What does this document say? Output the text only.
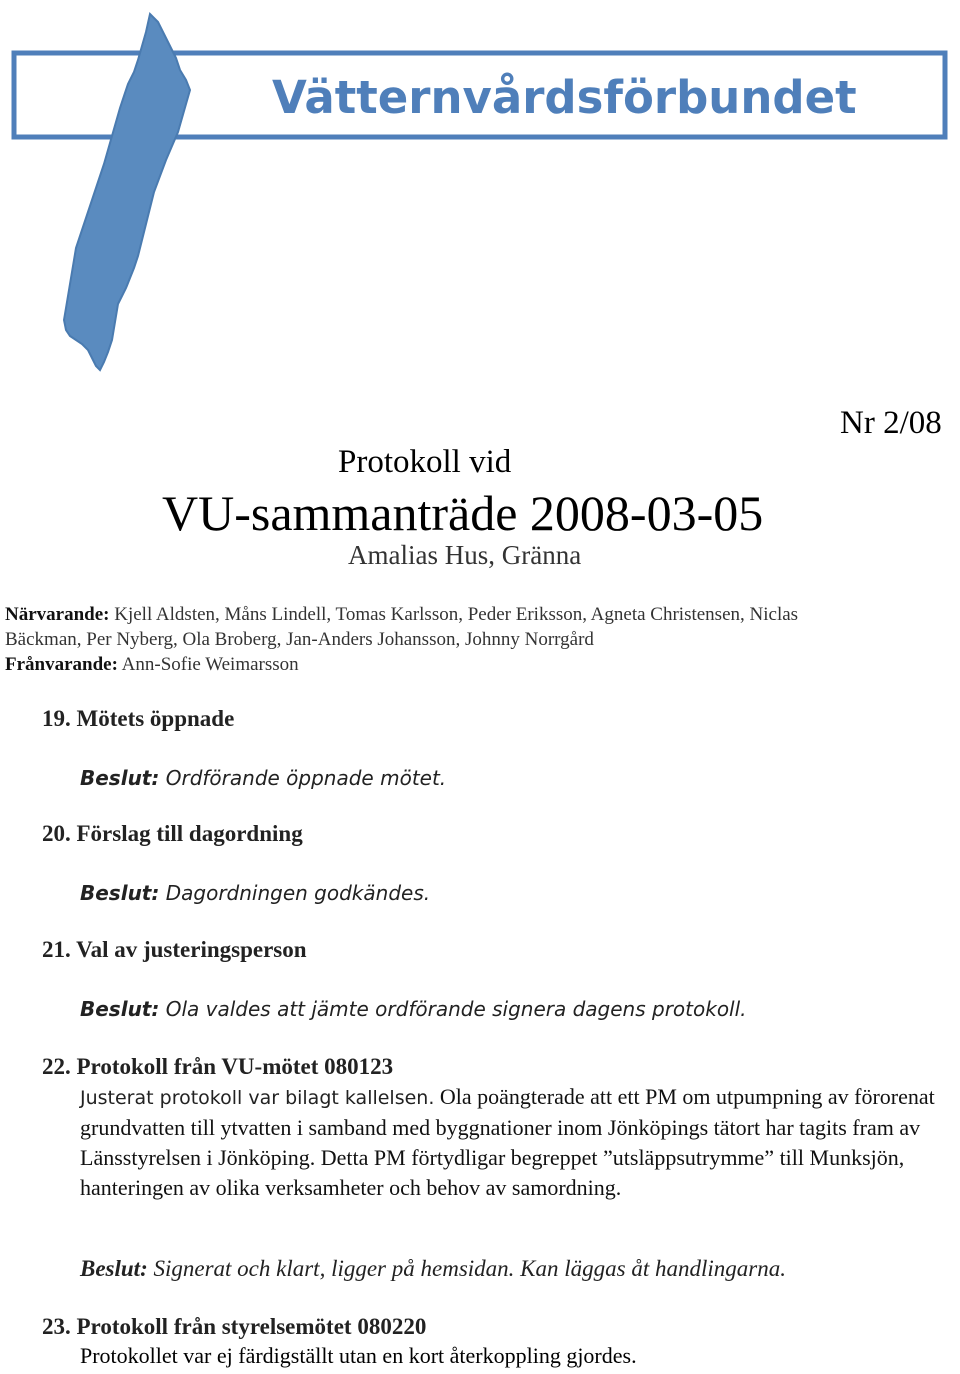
Vätternvårdsförbundet
Nr 2/08
Protokoll vid
VU-sammanträde 2008-03-05
Amalias Hus, Gränna
Närvarande: Kjell Aldsten, Måns Lindell, Tomas Karlsson, Peder Eriksson, Agneta Christensen, Niclas
Bäckman, Per Nyberg, Ola Broberg, Jan-Anders Johansson, Johnny Norrgård
Frånvarande: Ann-Sofie Weimarsson
19. Mötets öppnade
Beslut: Ordförande öppnade mötet.
20. Förslag till dagordning
Beslut: Dagordningen godkändes.
21. Val av justeringsperson
Beslut: Ola valdes att jämte ordförande signera dagens protokoll.
22. Protokoll från VU-mötet 080123
Justerat protokoll var bilagt kallelsen. Ola poängterade att ett PM om utpumpning av förorenat grundvatten till ytvatten i samband med byggnationer inom Jönköpings tätort har tagits fram av Länsstyrelsen i Jönköping. Detta PM förtydligar begreppet ”utsläppsutrymme” till Munksjön, hanteringen av olika verksamheter och behov av samordning.
Beslut: Signerat och klart, ligger på hemsidan. Kan läggas åt handlingarna.
23. Protokoll från styrelsemötet 080220
Protokollet var ej färdigställt utan en kort återkoppling gjordes.
